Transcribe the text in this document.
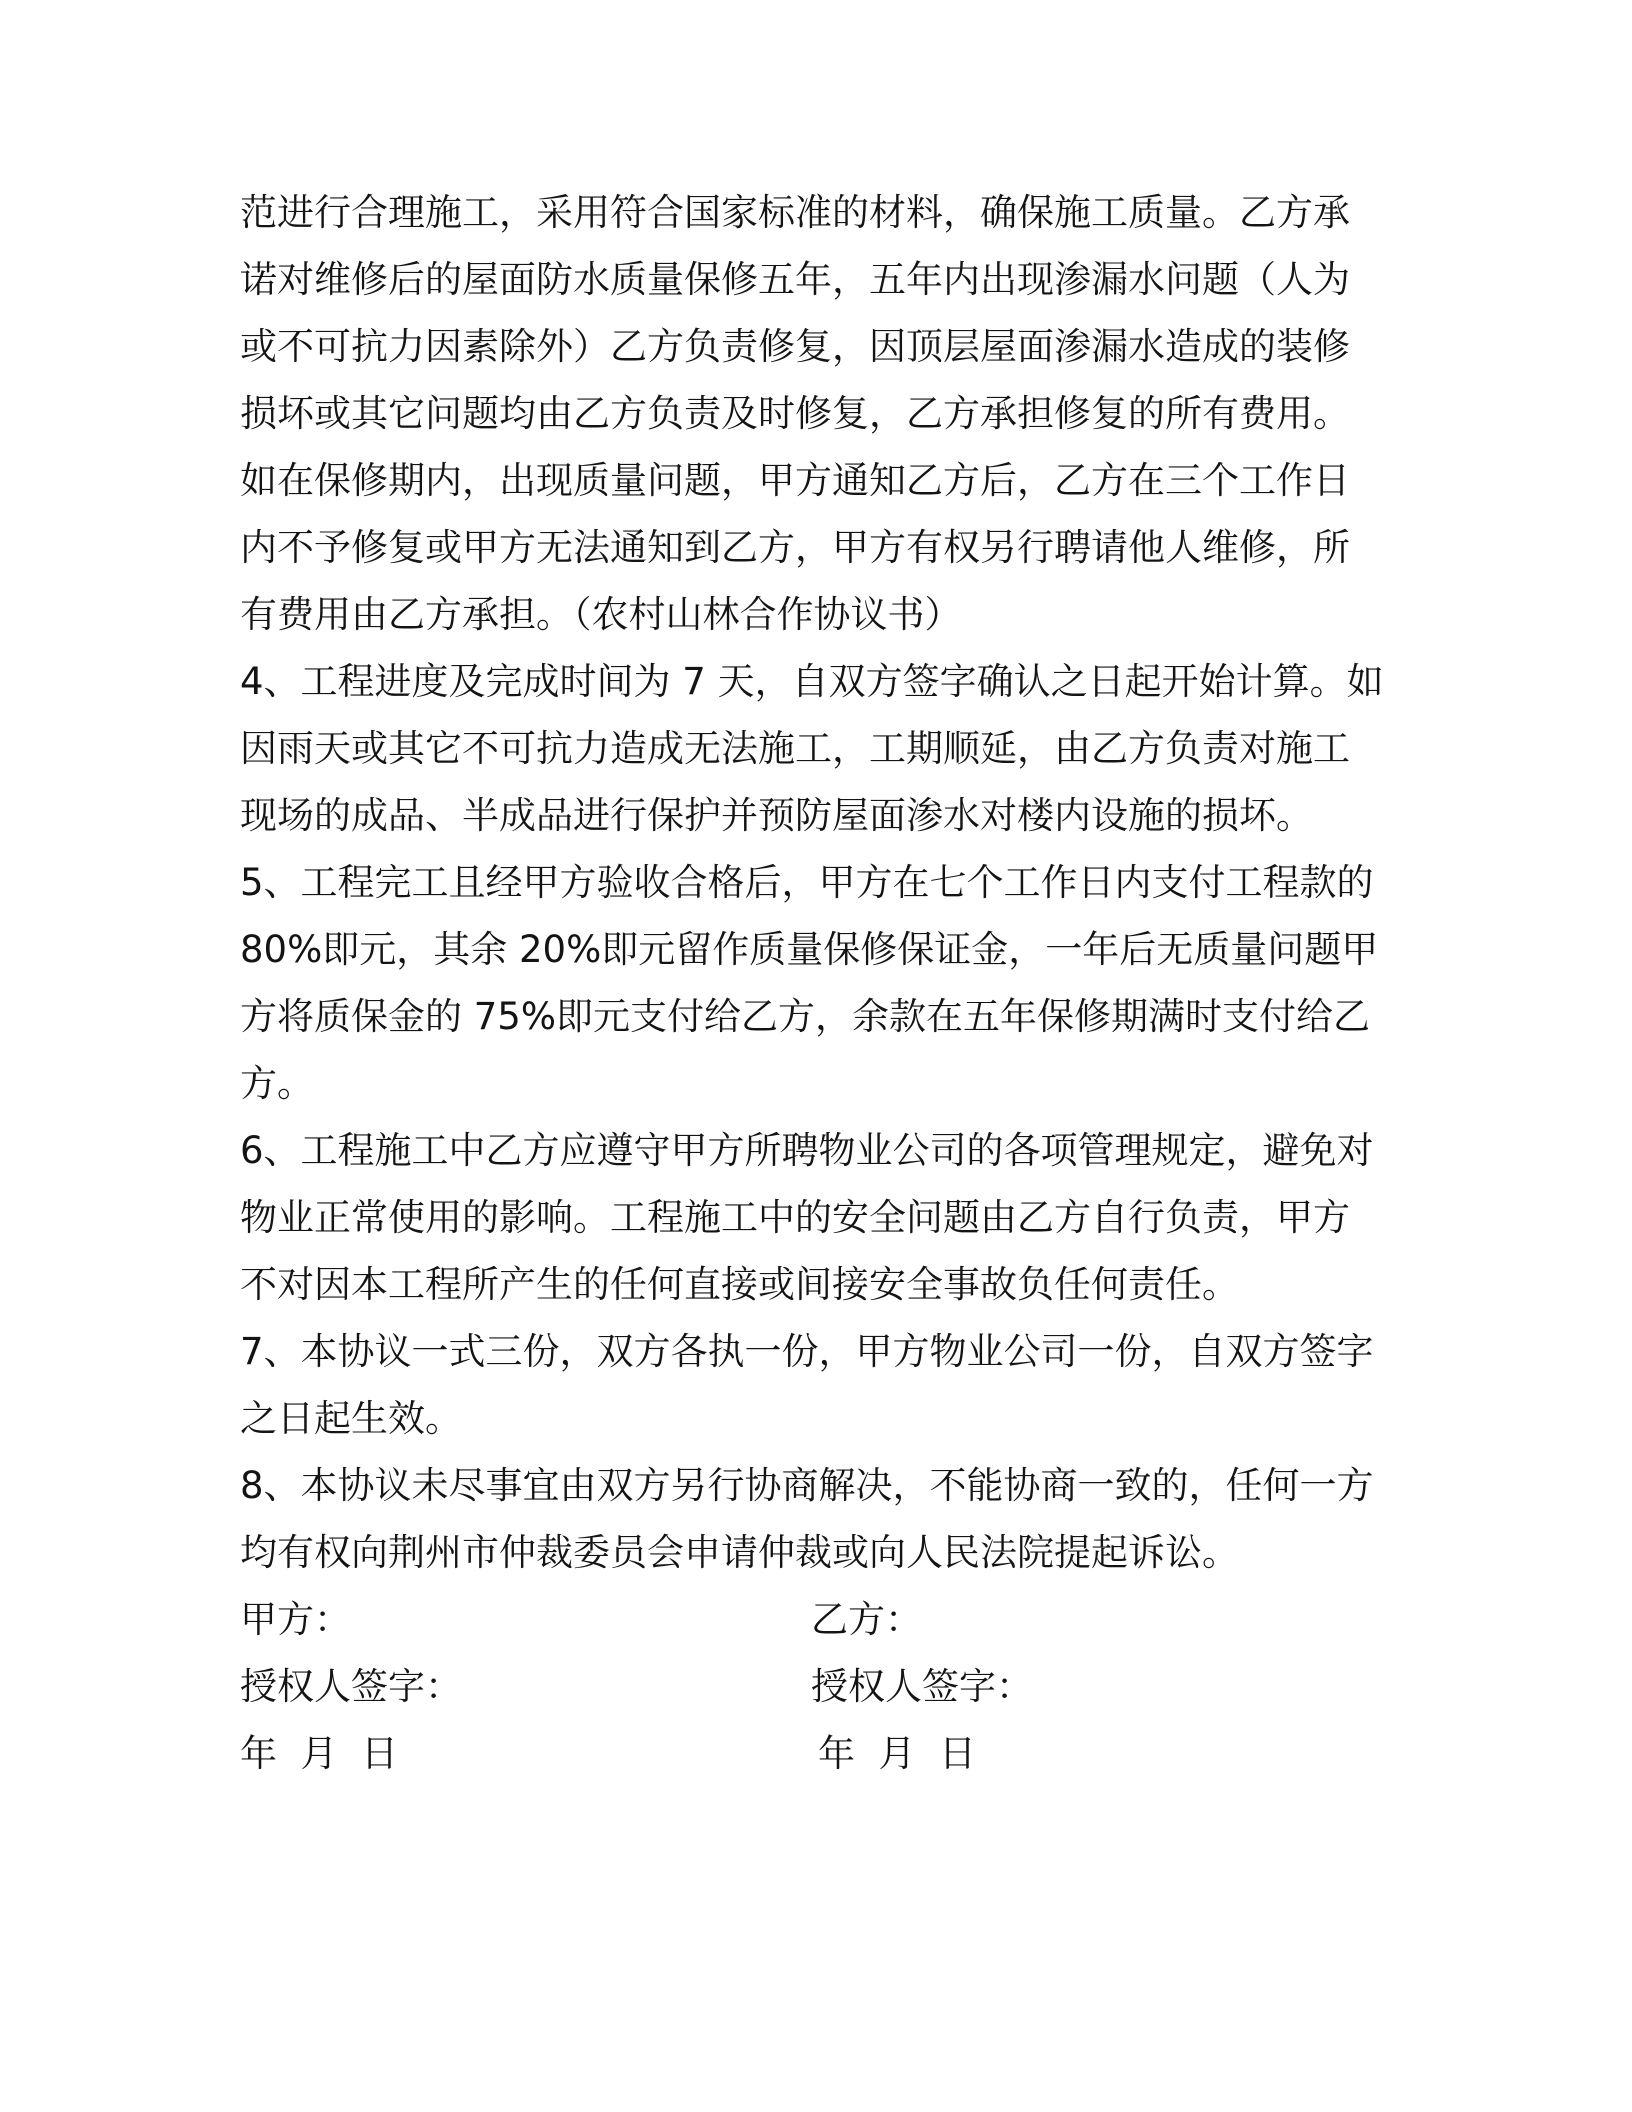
范进行合理施工，采用符合国家标准的材料，确保施工质量。乙方承
诺对维修后的屋面防水质量保修五年，五年内出现渗漏水问题（人为
或不可抗力因素除外）乙方负责修复，因顶层屋面渗漏水造成的装修
损坏或其它问题均由乙方负责及时修复，乙方承担修复的所有费用。
如在保修期内，出现质量问题，甲方通知乙方后，乙方在三个工作日
内不予修复或甲方无法通知到乙方，甲方有权另行聘请他人维修，所
有费用由乙方承担。（农村山林合作协议书）
4、工程进度及完成时间为 7 天，自双方签字确认之日起开始计算。如
因雨天或其它不可抗力造成无法施工，工期顺延，由乙方负责对施工
现场的成品、半成品进行保护并预防屋面渗水对楼内设施的损坏。
5、工程完工且经甲方验收合格后，甲方在七个工作日内支付工程款的
80%即元，其余 20%即元留作质量保修保证金，一年后无质量问题甲
方将质保金的 75%即元支付给乙方，余款在五年保修期满时支付给乙
方。
6、工程施工中乙方应遵守甲方所聘物业公司的各项管理规定，避免对
物业正常使用的影响。工程施工中的安全问题由乙方自行负责，甲方
不对因本工程所产生的任何直接或间接安全事故负任何责任。
7、本协议一式三份，双方各执一份，甲方物业公司一份，自双方签字
之日起生效。
8、本协议未尽事宜由双方另行协商解决，不能协商一致的，任何一方
均有权向荆州市仲裁委员会申请仲裁或向人民法院提起诉讼。
甲方：	乙方：
授权人签字：	授权人签字：
年  月  日	年  月  日
